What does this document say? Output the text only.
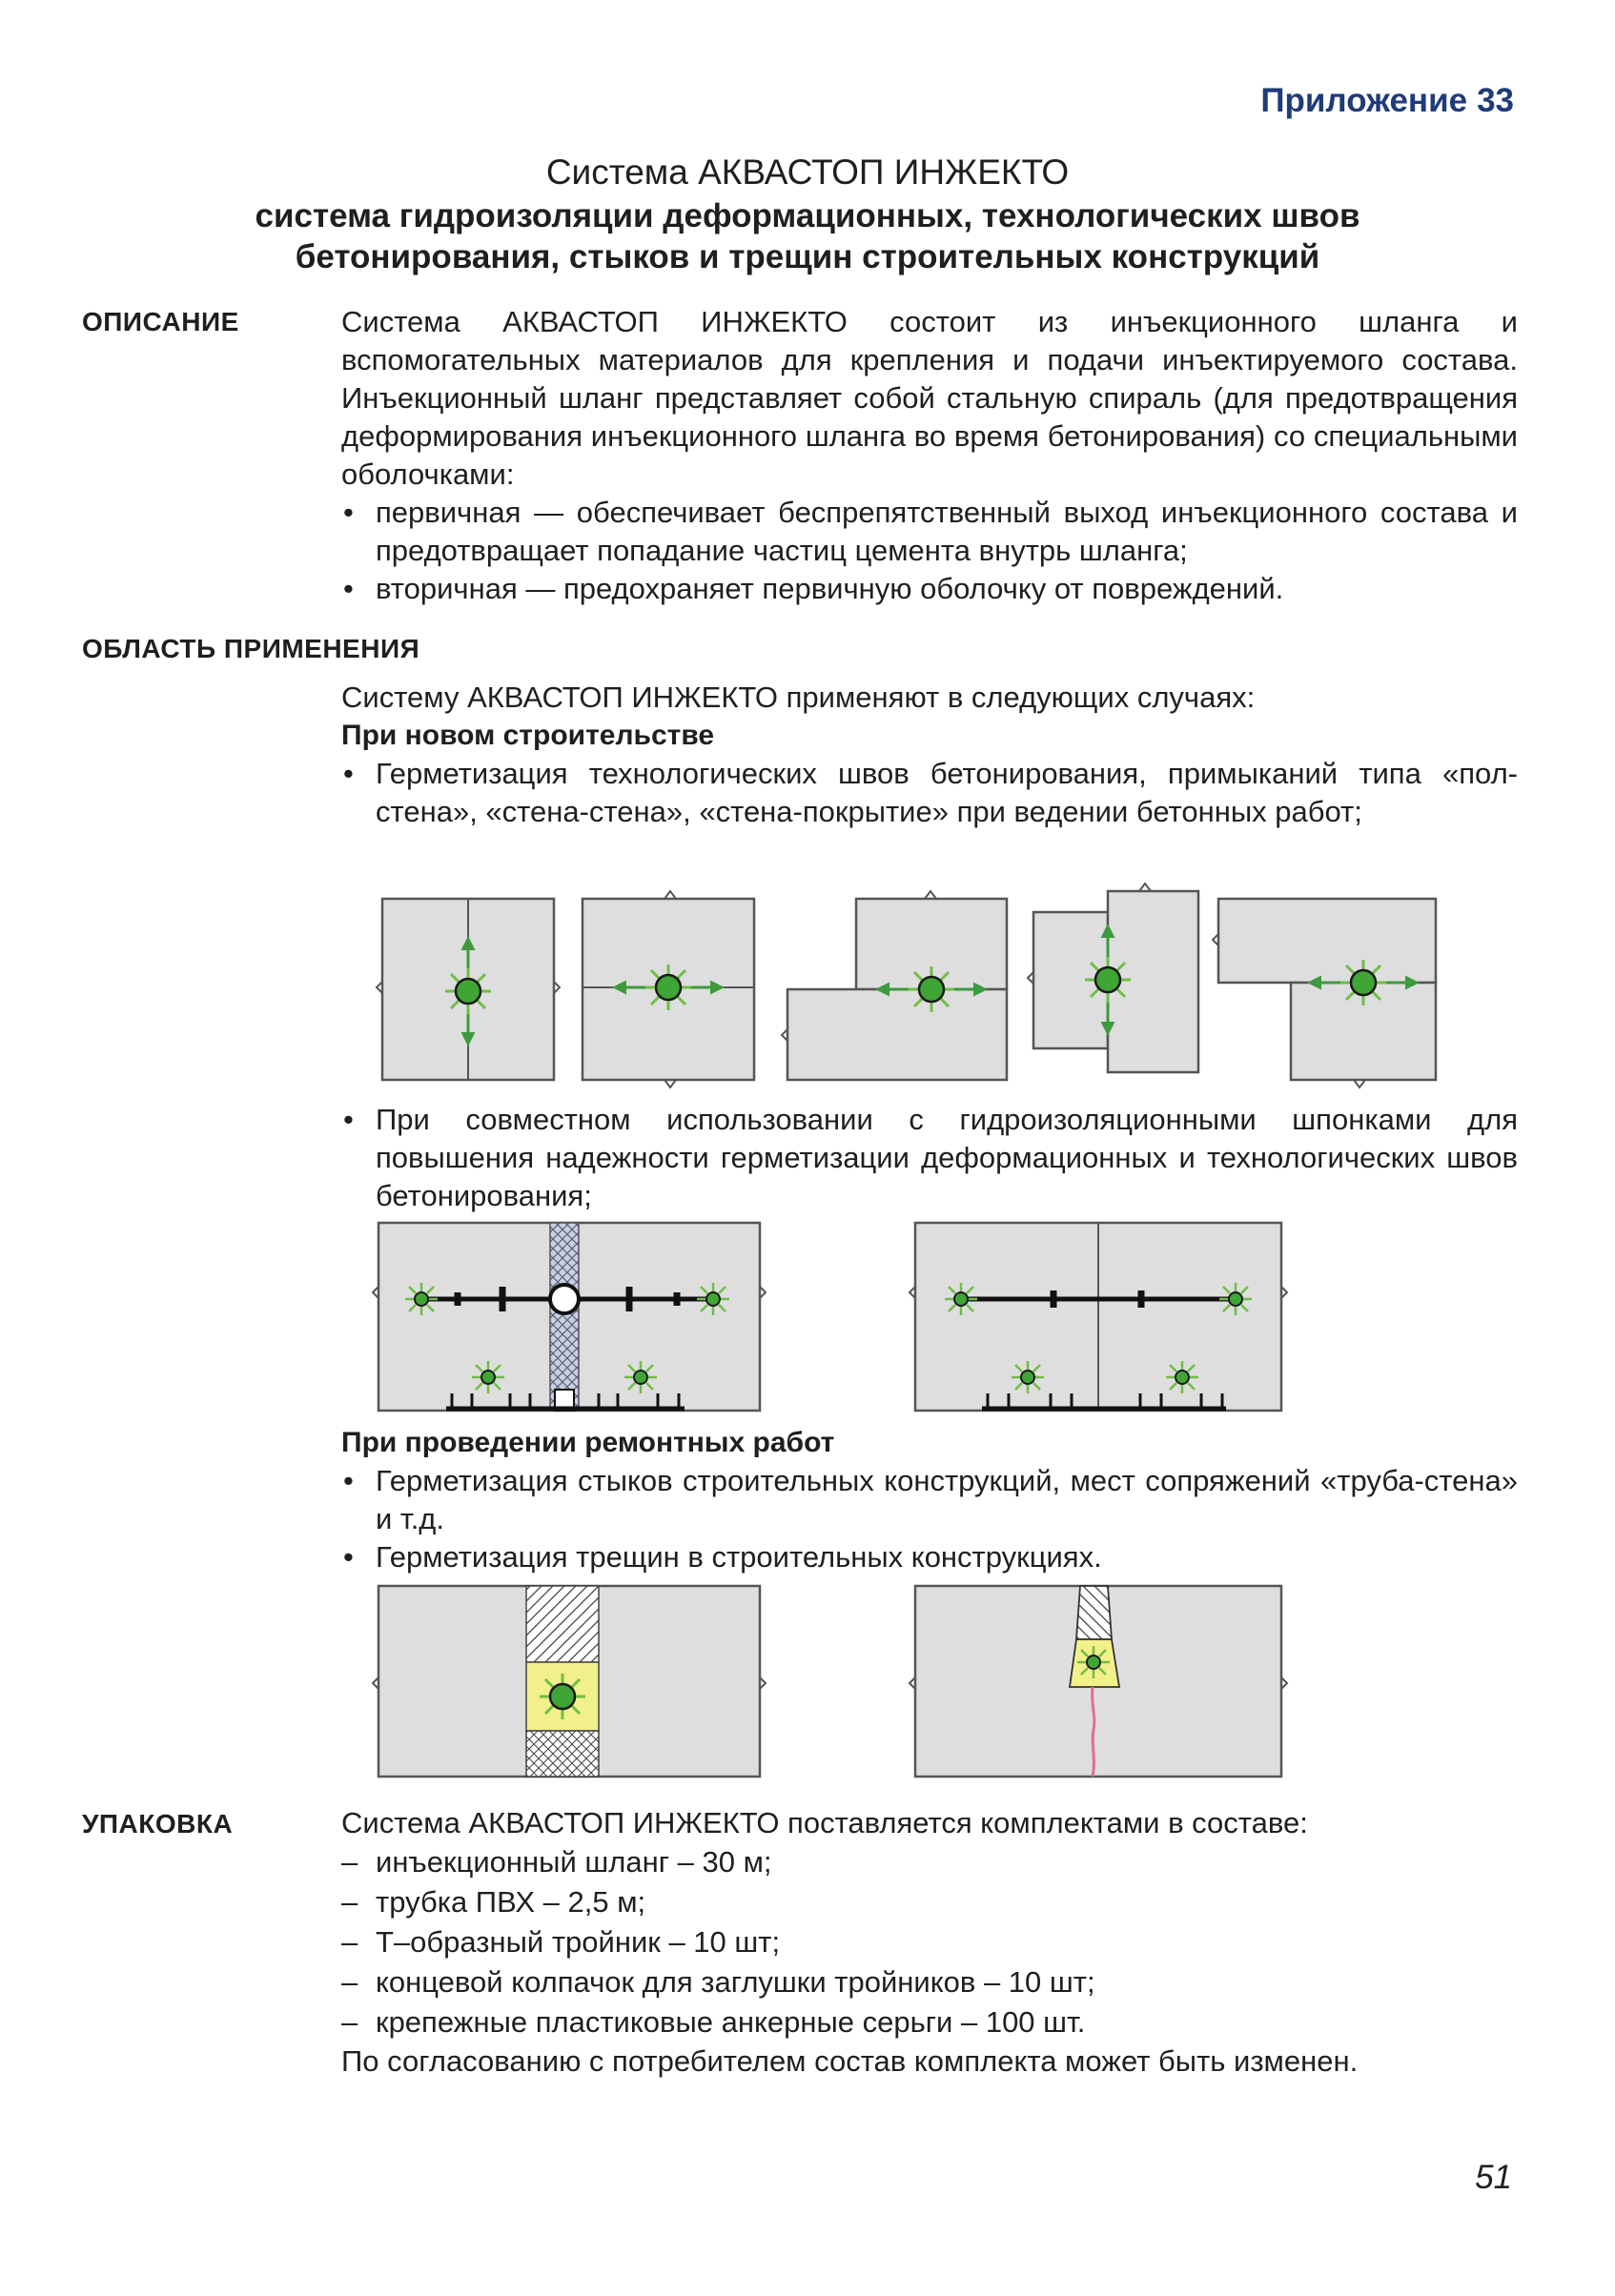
Приложение 33
Система АКВАСТОП ИНЖЕКТО
система гидроизоляции деформационных, технологических швов
бетонирования, стыков и трещин строительных конструкций
ОПИСАНИЕ	Система АКВАСТОП ИНЖЕКТО состоит из инъекционного шланга и вспомогательных материалов для крепления и подачи инъектируемого состава. Инъекционный шланг представляет собой стальную спираль (для предотвращения деформирования инъекционного шланга во время бетонирования) со специальными оболочками:

• первичная — обеспечивает беспрепятственный выход инъекционного состава и предотвращает попадание частиц цемента внутрь шланга;
• вторичная — предохраняет первичную оболочку от повреждений.
ОБЛАСТЬ ПРИМЕНЕНИЯ

Систему АКВАСТОП ИНЖЕКТО применяют в следующих случаях:

При новом строительстве

• Герметизация технологических швов бетонирования, примыканий типа «пол-стена», «стена-стена», «стена-покрытие» при ведении бетонных работ;
• При совместном использовании с гидроизоляционными шпонками для повышения надежности герметизации деформационных и технологических швов бетонирования;

При проведении ремонтных работ

• Герметизация стыков строительных конструкций, мест сопряжений «труба-стена» и т.д.
• Герметизация трещин в строительных конструкциях.
УПАКОВКА	Система АКВАСТОП ИНЖЕКТО поставляется комплектами в составе:

– инъекционный шланг – 30 м;
– трубка ПВХ – 2,5 м;
– Т–образный тройник – 10 шт;
– концевой колпачок для заглушки тройников – 10 шт;
– крепежные пластиковые анкерные серьги – 100 шт.

По согласованию с потребителем состав комплекта может быть изменен.

51
